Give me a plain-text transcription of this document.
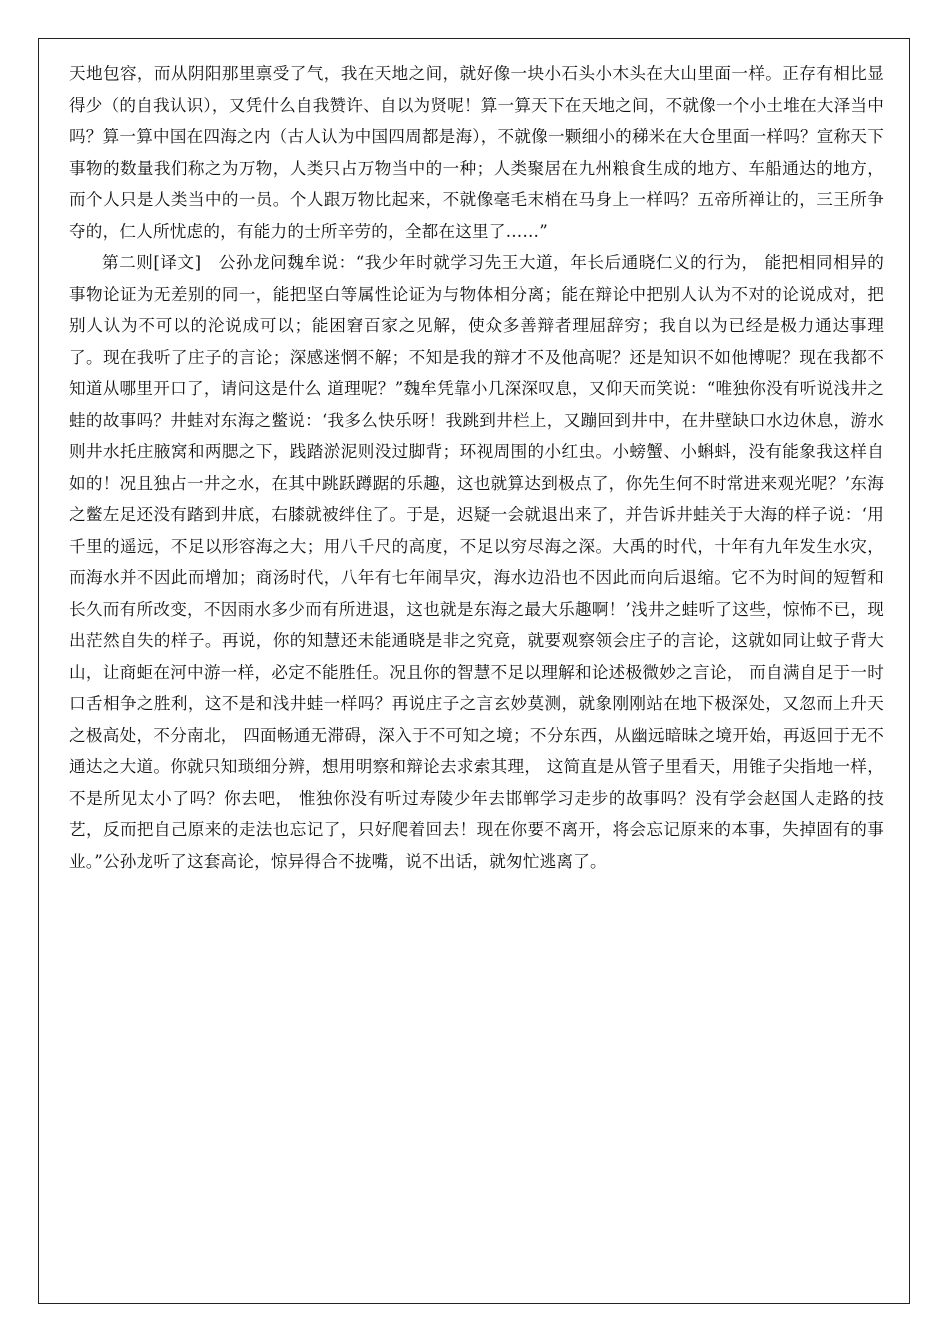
天地包容，而从阴阳那里禀受了气，我在天地之间，就好像一块小石头小木头在大山里面一样。正存有相比显得少（的自我认识），又凭什么自我赞许、自以为贤呢！算一算天下在天地之间，不就像一个小土堆在大泽当中吗？算一算中国在四海之内（古人认为中国四周都是海），不就像一颗细小的稊米在大仓里面一样吗？宣称天下事物的数量我们称之为万物，人类只占万物当中的一种；人类聚居在九州粮食生成的地方、车船通达的地方，而个人只是人类当中的一员。个人跟万物比起来，不就像毫毛末梢在马身上一样吗？五帝所禅让的，三王所争夺的，仁人所忧虑的，有能力的士所辛劳的，全都在这里了……”

第二则[译文]　公孙龙问魏牟说：“我少年时就学习先王大道，年长后通晓仁义的行为， 能把相同相异的事物论证为无差别的同一，能把坚白等属性论证为与物体相分离；能在辩论中把别人认为不对的论说成对，把别人认为不可以的沦说成可以；能困窘百家之见解，使众多善辩者理屈辞穷；我自以为已经是极力通达事理了。现在我听了庄子的言论；深感迷惘不解；不知是我的辩才不及他高呢？还是知识不如他博呢？现在我都不知道从哪里开口了，请问这是什么 道理呢？”魏牟凭靠小几深深叹息，又仰天而笑说：“唯独你没有听说浅井之蛙的故事吗？井蛙对东海之鳖说：‘我多么快乐呀！我跳到井栏上，又蹦回到井中，在井壁缺口水边休息，游水则井水托庄腋窝和两腮之下，践踏淤泥则没过脚背；环视周围的小红虫。小螃蟹、小蝌蚪，没有能象我这样自如的！况且独占一井之水，在其中跳跃蹲踞的乐趣，这也就算达到极点了，你先生何不时常进来观光呢？’东海之鳖左足还没有踏到井底，右膝就被绊住了。于是，迟疑一会就退出来了，并告诉井蛙关于大海的样子说：‘用千里的遥远，不足以形容海之大；用八千尺的高度，不足以穷尽海之深。大禹的时代，十年有九年发生水灾，而海水并不因此而增加；商汤时代，八年有七年闹旱灾，海水边沿也不因此而向后退缩。它不为时间的短暂和长久而有所改变，不因雨水多少而有所进退，这也就是东海之最大乐趣啊！’浅井之蛙听了这些，惊怖不已，现出茫然自失的样子。再说，你的知慧还未能通晓是非之究竟，就要观察领会庄子的言论，这就如同让蚊子背大山，让商蚷在河中游一样，必定不能胜任。况且你的智慧不足以理解和论述极微妙之言论， 而自满自足于一时口舌相争之胜利，这不是和浅井蛙一样吗？再说庄子之言玄妙莫测，就象刚刚站在地下极深处，又忽而上升天之极高处，不分南北， 四面畅通无滞碍，深入于不可知之境；不分东西，从幽远暗昧之境开始，再返回于无不通达之大道。你就只知琐细分辨，想用明察和辩论去求索其理， 这简直是从管子里看天，用锥子尖指地一样，不是所见太小了吗？你去吧， 惟独你没有听过寿陵少年去邯郸学习走步的故事吗？没有学会赵国人走路的技艺，反而把自己原来的走法也忘记了，只好爬着回去！现在你要不离开，将会忘记原来的本事，失掉固有的事业。”公孙龙听了这套高论，惊异得合不拢嘴，说不出话，就匆忙逃离了。
